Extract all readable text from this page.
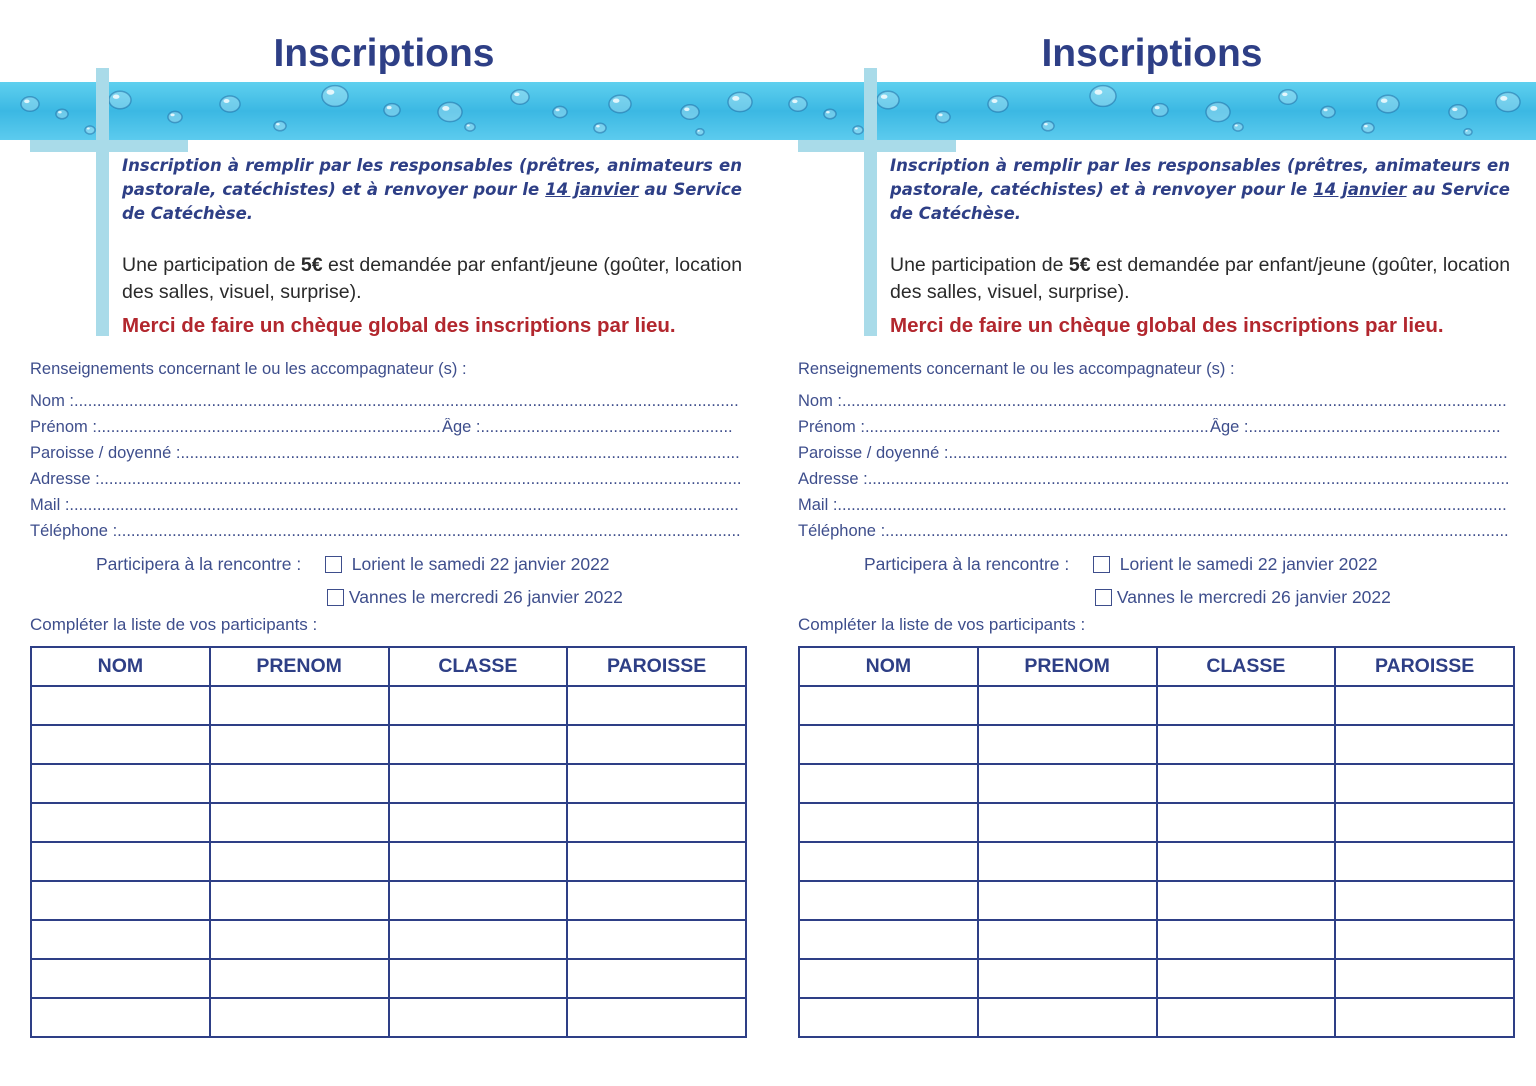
Inscriptions
Inscription à remplir par les responsables (prêtres, animateurs en pastorale, catéchistes) et à renvoyer pour le 14 janvier au Service de Catéchèse.
Une participation de 5€ est demandée par enfant/jeune (goûter, location des salles, visuel, surprise).
Merci de faire un chèque global des inscriptions par lieu.
Renseignements concernant le ou les accompagnateur (s) :
Nom :
.....
Prénom : .....	Âge :
.....
Paroisse / doyenné :
.....
Adresse :
.....
Mail :
.....
Téléphone :
.....
Participera à la rencontre :	Lorient le samedi 22 janvier 2022
Vannes le mercredi 26 janvier 2022
Compléter la liste de vos participants :
NOM	PRENOM	CLASSE	PAROISSE

Inscriptions
Inscription à remplir par les responsables (prêtres, animateurs en pastorale, catéchistes) et à renvoyer pour le 14 janvier au Service de Catéchèse.
Une participation de 5€ est demandée par enfant/jeune (goûter, location des salles, visuel, surprise).
Merci de faire un chèque global des inscriptions par lieu.
Renseignements concernant le ou les accompagnateur (s) :
Nom :
.....
Prénom : .....	Âge :
.....
Paroisse / doyenné :
.....
Adresse :
.....
Mail :
.....
Téléphone :
.....
Participera à la rencontre :	Lorient le samedi 22 janvier 2022
Vannes le mercredi 26 janvier 2022
Compléter la liste de vos participants :
NOM	PRENOM	CLASSE	PAROISSE
